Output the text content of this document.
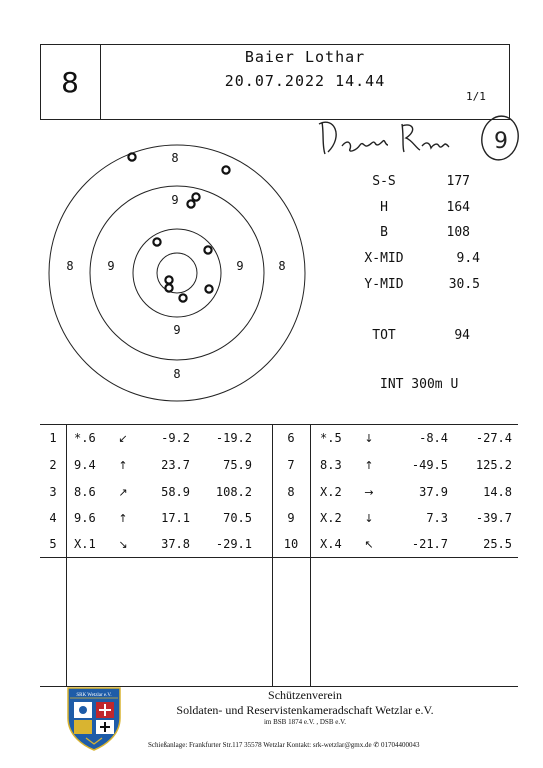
8
Baier Lothar
20.07.2022 14.44
1/1
9
8
9
9	9
9
8	8
8
S-S	177
H	164
B	108
X-MID	9.4
Y-MID	30.5
TOT	94
INT 300m U
1	*.6	↙	-9.2	-19.2
2	9.4	↑	23.7	75.9
3	8.6	↗	58.9	108.2
4	9.6	↑	17.1	70.5
5	X.1	↘	37.8	-29.1
6	*.5	↓	-8.4	-27.4
7	8.3	↑	-49.5	125.2
8	X.2	→	37.9	14.8
9	X.2	↓	7.3	-39.7
10	X.4	↖	-21.7	25.5
SRK Wetzlar e.V.	Schützenverein
Soldaten- und Reservistenkameradschaft Wetzlar e.V.
im BSB 1874 e.V. , DSB e.V.
Schießanlage: Frankfurter Str.117 35578 Wetzlar Kontakt: srk-wetzlar@gmx.de ✆ 01704400043
